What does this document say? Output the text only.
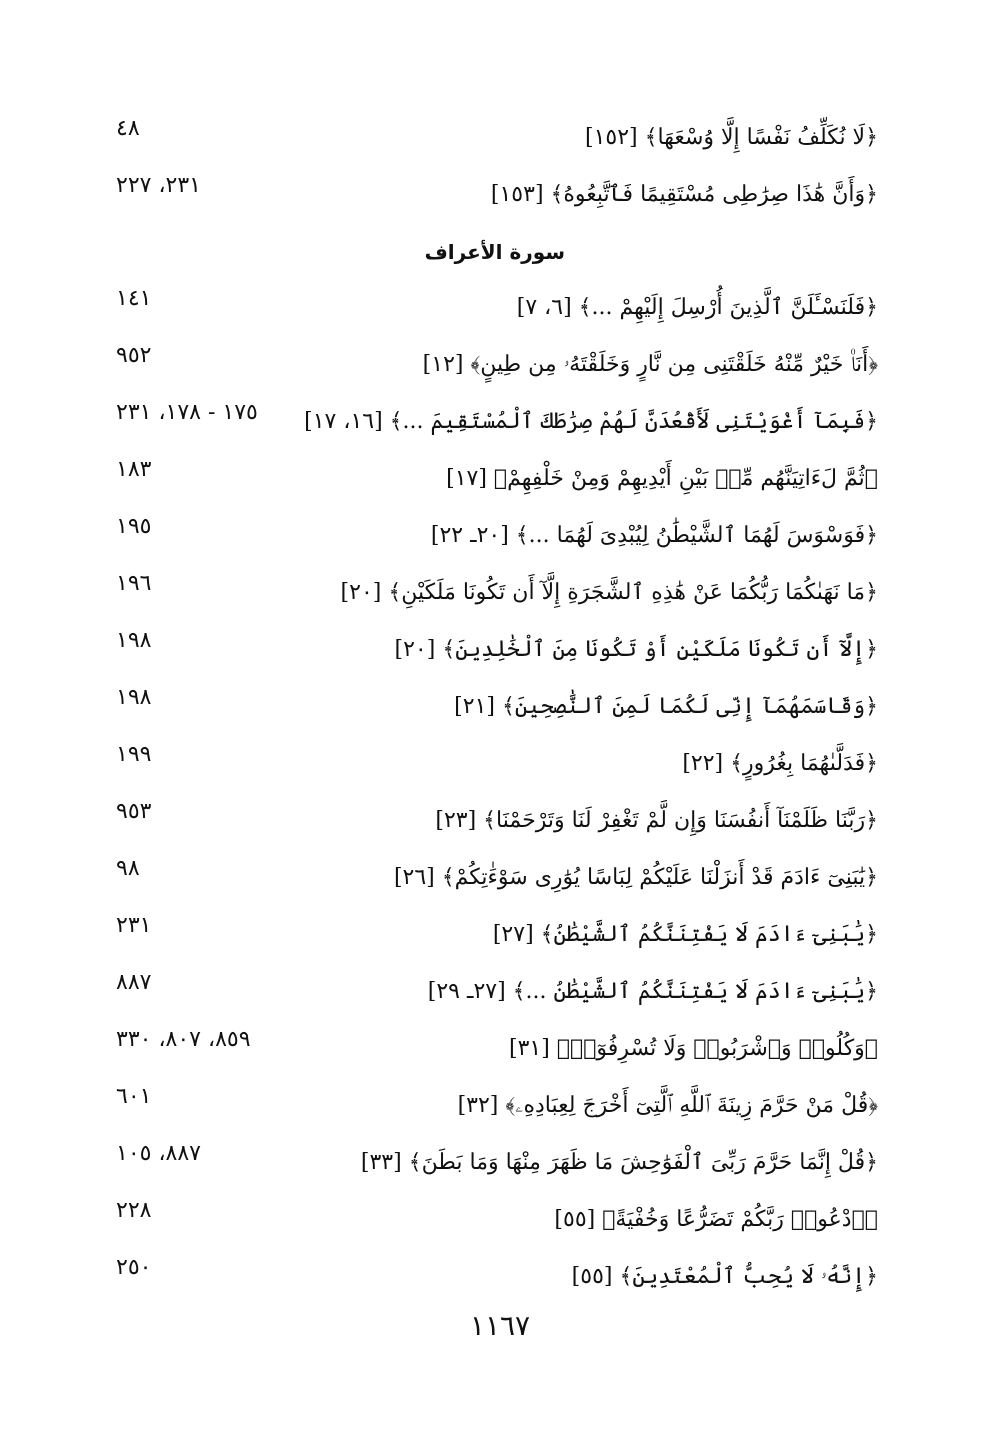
﴿لَا نُكَلِّفُ نَفْسًا إِلَّا وُسْعَهَا﴾ [١٥٢]
٤٨
﴿وَأَنَّ هَٰذَا صِرَٰطِى مُسْتَقِيمًا فَٱتَّبِعُوهُ﴾ [١٥٣]
٢٣١، ٢٢٧
﴿فَلَنَسْـَٔلَنَّ ٱلَّذِينَ أُرْسِلَ إِلَيْهِمْ ...﴾ [٦، ٧]
١٤١
﴿أَنَا۠ خَيْرٌ مِّنْهُ خَلَقْتَنِى مِن نَّارٍ وَخَلَقْتَهُۥ مِن طِينٍ﴾ [١٢]
٩٥٢
﴿فَبِمَآ أَغْوَيْتَنِى لَأَقْعُدَنَّ لَهُمْ صِرَٰطَكَ ٱلْمُسْتَقِيمَ ...﴾ [١٦، ١٧]
١٧٥ - ١٧٨، ٢٣١
﴿ثُمَّ لَءَاتِيَنَّهُم مِّنۢ بَيْنِ أَيْدِيهِمْ وَمِنْ خَلْفِهِمْ﴾ [١٧]
١٨٣
﴿فَوَسْوَسَ لَهُمَا ٱلشَّيْطَٰنُ لِيُبْدِىَ لَهُمَا ...﴾ [٢٠ـ ٢٢]
١٩٥
﴿مَا نَهَىٰكُمَا رَبُّكُمَا عَنْ هَٰذِهِ ٱلشَّجَرَةِ إِلَّآ أَن تَكُونَا مَلَكَيْنِ﴾ [٢٠]
١٩٦
﴿إِلَّآ أَن تَكُونَا مَلَكَيْنِ أَوْ تَكُونَا مِنَ ٱلْخَٰلِدِينَ﴾ [٢٠]
١٩٨
﴿وَقَاسَمَهُمَآ إِنِّى لَكُمَا لَمِنَ ٱلنَّٰصِحِينَ﴾ [٢١]
١٩٨
﴿فَدَلَّىٰهُمَا بِغُرُورٍ﴾ [٢٢]
١٩٩
﴿رَبَّنَا ظَلَمْنَآ أَنفُسَنَا وَإِن لَّمْ تَغْفِرْ لَنَا وَتَرْحَمْنَا﴾ [٢٣]
٩٥٣
﴿يَٰبَنِىٓ ءَادَمَ قَدْ أَنزَلْنَا عَلَيْكُمْ لِبَاسًا يُوَٰرِى سَوْءَٰتِكُمْ﴾ [٢٦]
٩٨
﴿يَٰبَنِىٓ ءَادَمَ لَا يَفْتِنَنَّكُمُ ٱلشَّيْطَٰنُ﴾ [٢٧]
٢٣١
﴿يَٰبَنِىٓ ءَادَمَ لَا يَفْتِنَنَّكُمُ ٱلشَّيْطَٰنُ ...﴾ [٢٧ـ ٢٩]
٨٨٧
﴿وَكُلُوا۟ وَٱشْرَبُوا۟ وَلَا تُسْرِفُوٓا۟﴾ [٣١]
٨٥٩، ٨٠٧، ٣٣٠
﴿قُلْ مَنْ حَرَّمَ زِينَةَ ٱللَّهِ ٱلَّتِىٓ أَخْرَجَ لِعِبَادِهِۦ﴾ [٣٢]
٦٠١
﴿قُلْ إِنَّمَا حَرَّمَ رَبِّىَ ٱلْفَوَٰحِشَ مَا ظَهَرَ مِنْهَا وَمَا بَطَنَ﴾ [٣٣]
٨٨٧، ١٠٥
﴿ٱدْعُوا۟ رَبَّكُمْ تَضَرُّعًا وَخُفْيَةً﴾ [٥٥]
٢٢٨
﴿إِنَّهُۥ لَا يُحِبُّ ٱلْمُعْتَدِينَ﴾ [٥٥]
٢٥٠
سورة الأعراف
١١٦٧
